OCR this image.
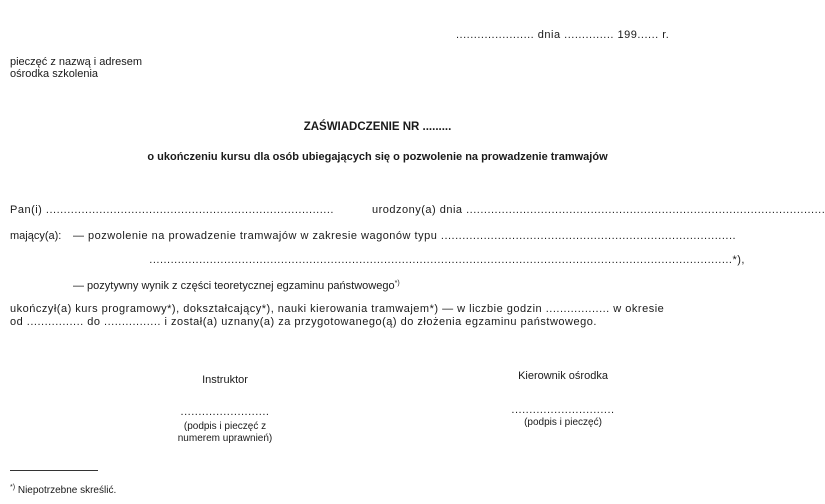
...................... dnia .............. 199...... r.
pieczęć z nazwą i adresem
ośrodka szkolenia
ZAŚWIADCZENIE NR .........
o ukończeniu kursu dla osób ubiegających się o pozwolenie na prowadzenie tramwajów
Pan(i) .................................................................................	urodzony(a) dnia .....................................................................................................
mający(a): — pozwolenie na prowadzenie tramwajów w zakresie wagonów typu ...................................................................................
....................................................................................................................................................................*),
— pozytywny wynik z części teoretycznej egzaminu państwowego*)
ukończył(a) kurs programowy*), dokształcający*), nauki kierowania tramwajem*) — w liczbie godzin .................. w okresie
od ................ do ................ i został(a) uznany(a) za przygotowanego(ą) do złożenia egzaminu państwowego.
Instruktor
.........................
(podpis i pieczęć z
numerem uprawnień)
Kierownik ośrodka
.............................
(podpis i pieczęć)
*) Niepotrzebne skreślić.
